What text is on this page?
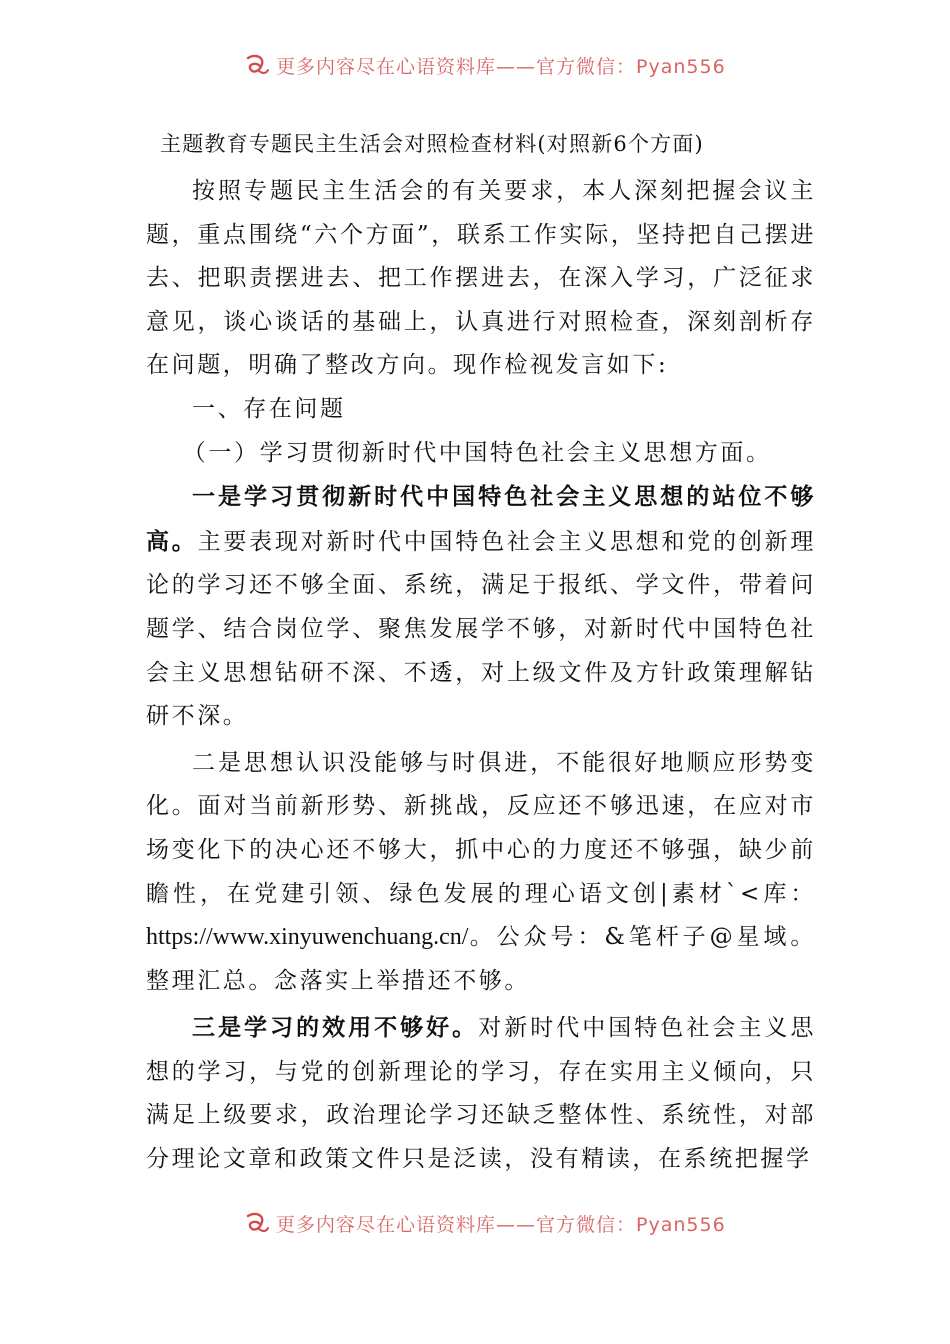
更多内容尽在心语资料库——官方微信：Pyan556
主题教育专题民主生活会对照检查材料(对照新6个方面)

按照专题民主生活会的有关要求，本人深刻把握会议主题，重点围绕“六个方面”，联系工作实际，坚持把自己摆进去、把职责摆进去、把工作摆进去，在深入学习，广泛征求意见，谈心谈话的基础上，认真进行对照检查，深刻剖析存在问题，明确了整改方向。现作检视发言如下:

一、存在问题

（一）学习贯彻新时代中国特色社会主义思想方面。

一是学习贯彻新时代中国特色社会主义思想的站位不够高。主要表现对新时代中国特色社会主义思想和党的创新理论的学习还不够全面、系统，满足于报纸、学文件，带着问题学、结合岗位学、聚焦发展学不够，对新时代中国特色社会主义思想钻研不深、不透，对上级文件及方针政策理解钻研不深。

二是思想认识没能够与时俱进，不能很好地顺应形势变化。面对当前新形势、新挑战，反应还不够迅速，在应对市场变化下的决心还不够大，抓中心的力度还不够强，缺少前瞻性，在党建引领、绿色发展的理心语文创|素材`<库：https://www.xinyuwenchuang.cn/。公众号：&笔杆子@星域。整理汇总。念落实上举措还不够。

三是学习的效用不够好。对新时代中国特色社会主义思想的学习，与党的创新理论的学习，存在实用主义倾向，只满足上级要求，政治理论学习还缺乏整体性、系统性，对部分理论文章和政策文件只是泛读，没有精读，在系统把握学

更多内容尽在心语资料库——官方微信：Pyan556
